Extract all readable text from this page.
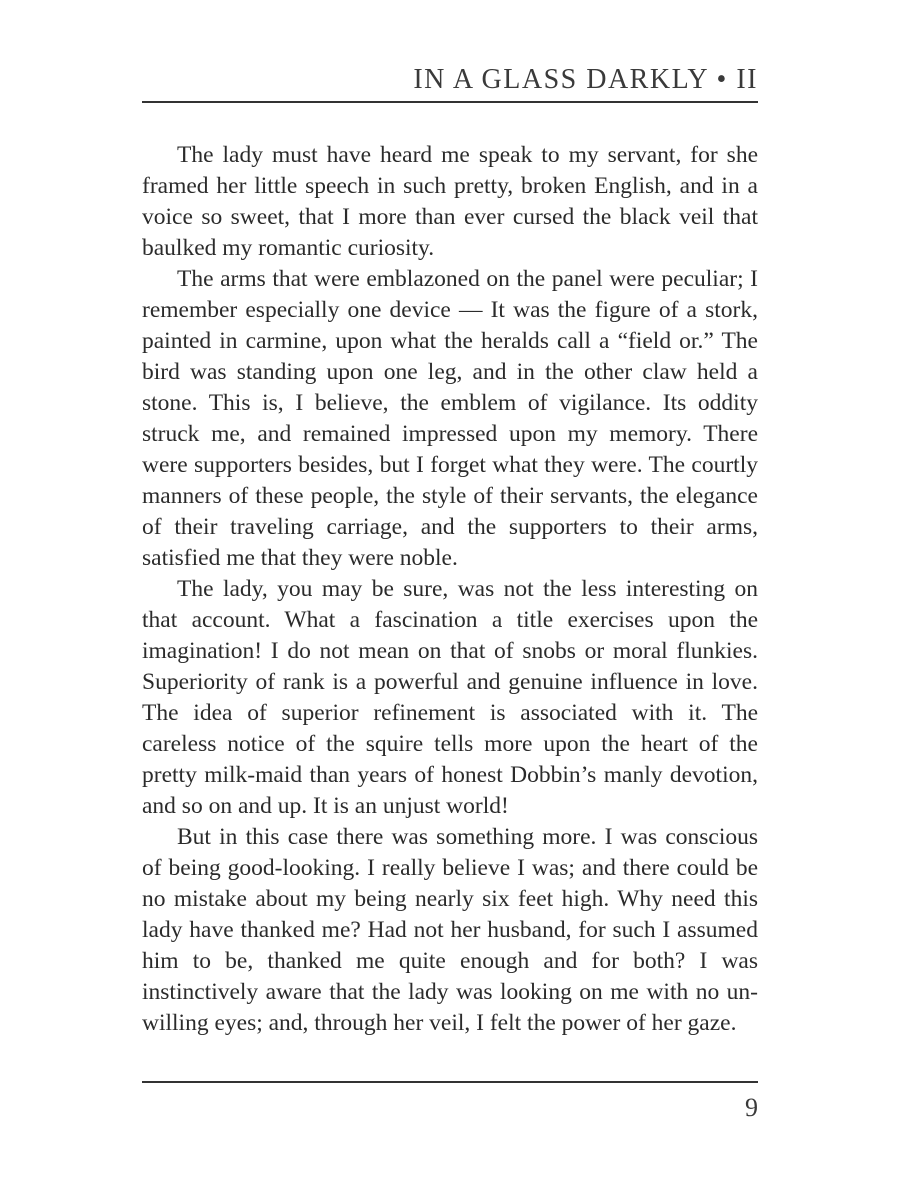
IN A GLASS DARKLY • II

The lady must have heard me speak to my servant, for she framed her little speech in such pretty, broken English, and in a voice so sweet, that I more than ever cursed the black veil that baulked my romantic curiosity.

The arms that were emblazoned on the panel were peculiar; I remember especially one device — It was the figure of a stork, painted in carmine, upon what the heralds call a “field or.” The bird was standing upon one leg, and in the other claw held a stone. This is, I believe, the emblem of vigilance. Its oddity struck me, and remained impressed upon my memory. There were supporters besides, but I forget what they were. The courtly manners of these people, the style of their servants, the elegance of their traveling carriage, and the supporters to their arms, satisfied me that they were noble.

The lady, you may be sure, was not the less interesting on that account. What a fascination a title exercises upon the imagination! I do not mean on that of snobs or moral flunkies. Superiority of rank is a powerful and genuine influence in love. The idea of superior refinement is associated with it. The careless notice of the squire tells more upon the heart of the pretty milk-maid than years of honest Dobbin’s manly devotion, and so on and up. It is an unjust world!

But in this case there was something more. I was conscious of being good-looking. I really believe I was; and there could be no mistake about my being nearly six feet high. Why need this lady have thanked me? Had not her husband, for such I assumed him to be, thanked me quite enough and for both? I was instinctively aware that the lady was looking on me with no unwilling eyes; and, through her veil, I felt the power of her gaze.

9
